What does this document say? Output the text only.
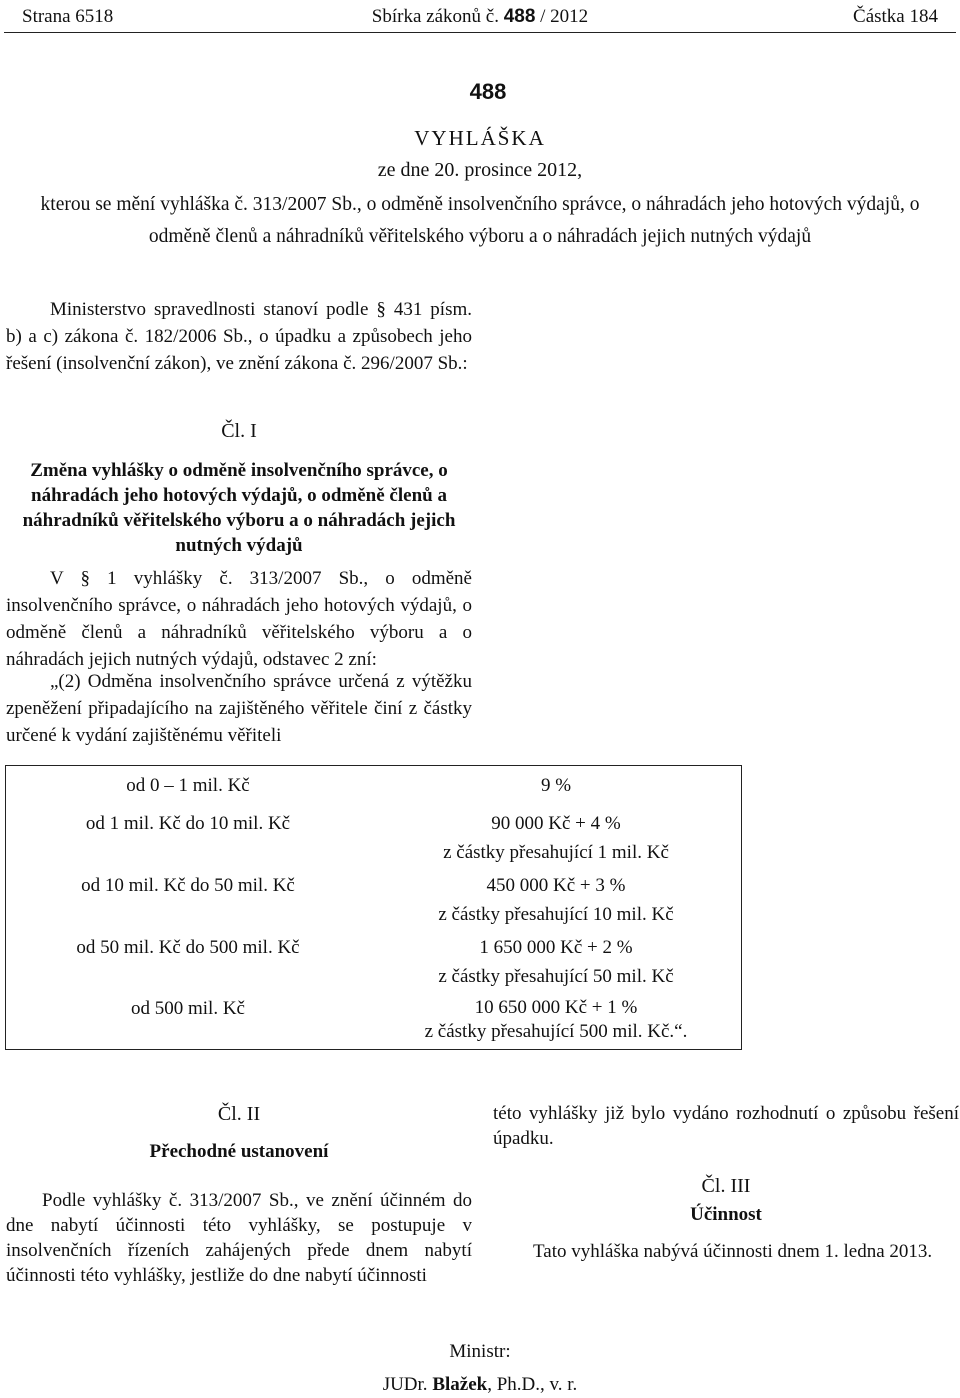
Strana 6518	Sbírka zákonů č. 488 / 2012	Částka 184
488
VYHLÁŠKA
ze dne 20. prosince 2012,
kterou se mění vyhláška č. 313/2007 Sb., o odměně insolvenčního správce, o náhradách jeho hotových výdajů, o odměně členů a náhradníků věřitelského výboru a o náhradách jejich nutných výdajů
Ministerstvo spravedlnosti stanoví podle § 431 písm. b) a c) zákona č. 182/2006 Sb., o úpadku a způsobech jeho řešení (insolvenční zákon), ve znění zákona č. 296/2007 Sb.:
Čl. I
Změna vyhlášky o odměně insolvenčního správce, o náhradách jeho hotových výdajů, o odměně členů a náhradníků věřitelského výboru a o náhradách jejich nutných výdajů
V § 1 vyhlášky č. 313/2007 Sb., o odměně insolvenčního správce, o náhradách jeho hotových výdajů, o odměně členů a náhradníků věřitelského výboru a o náhradách jejich nutných výdajů, odstavec 2 zní:
„(2) Odměna insolvenčního správce určená z výtěžku zpeněžení připadajícího na zajištěného věřitele činí z částky určené k vydání zajištěnému věřiteli
od 0 – 1 mil. Kč	9 %
od 1 mil. Kč do 10 mil. Kč	90 000 Kč + 4 %
z částky přesahující 1 mil. Kč
od 10 mil. Kč do 50 mil. Kč	450 000 Kč + 3 %
z částky přesahující 10 mil. Kč
od 50 mil. Kč do 500 mil. Kč	1 650 000 Kč + 2 %
z částky přesahující 50 mil. Kč
od 500 mil. Kč	10 650 000 Kč + 1 %
z částky přesahující 500 mil. Kč.“.
Čl. II
Přechodné ustanovení
Podle vyhlášky č. 313/2007 Sb., ve znění účinném do dne nabytí účinnosti této vyhlášky, se postupuje v insolvenčních řízeních zahájených přede dnem nabytí účinnosti této vyhlášky, jestliže do dne nabytí účinnosti
této vyhlášky již bylo vydáno rozhodnutí o způsobu řešení úpadku.
Čl. III
Účinnost
Tato vyhláška nabývá účinnosti dnem 1. ledna 2013.
Ministr:
JUDr. Blažek, Ph.D., v. r.
